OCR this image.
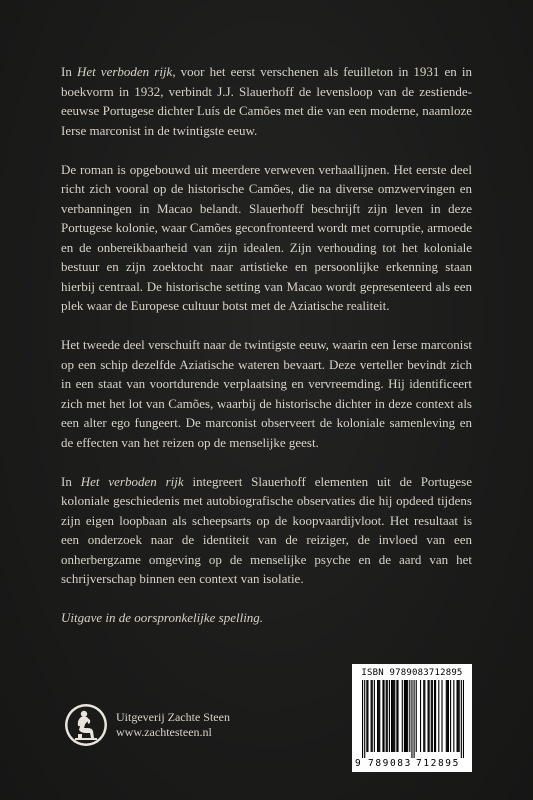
In Het verboden rijk, voor het eerst verschenen als feuilleton in 1931 en in boekvorm in 1932, verbindt J.J. Slauerhoff de levensloop van de zestiende-eeuwse Portugese dichter Luís de Camões met die van een moderne, naamloze Ierse marconist in de twintigste eeuw.

De roman is opgebouwd uit meerdere verweven verhaallijnen. Het eerste deel richt zich vooral op de historische Camões, die na diverse omzwervingen en verbanningen in Macao belandt. Slauerhoff beschrijft zijn leven in deze Portugese kolonie, waar Camões geconfronteerd wordt met corruptie, armoede en de onbereikbaarheid van zijn idealen. Zijn verhouding tot het koloniale bestuur en zijn zoektocht naar artistieke en persoonlijke erkenning staan hierbij centraal. De historische setting van Macao wordt gepresenteerd als een plek waar de Europese cultuur botst met de Aziatische realiteit.

Het tweede deel verschuift naar de twintigste eeuw, waarin een Ierse marconist op een schip dezelfde Aziatische wateren bevaart. Deze verteller bevindt zich in een staat van voortdurende verplaatsing en vervreemding. Hij identificeert zich met het lot van Camões, waarbij de historische dichter in deze context als een alter ego fungeert. De marconist observeert de koloniale samenleving en de effecten van het reizen op de menselijke geest.

In Het verboden rijk integreert Slauerhoff elementen uit de Portugese koloniale geschiedenis met autobiografische observaties die hij opdeed tijdens zijn eigen loopbaan als scheepsarts op de koopvaardijvloot. Het resultaat is een onderzoek naar de identiteit van de reiziger, de invloed van een onherbergzame omgeving op de menselijke psyche en de aard van het schrijverschap binnen een context van isolatie.

Uitgave in de oorspronkelijke spelling.

Uitgeverij Zachte Steen
www.zachtesteen.nl
ISBN 9789083712895
9 789083 712895
